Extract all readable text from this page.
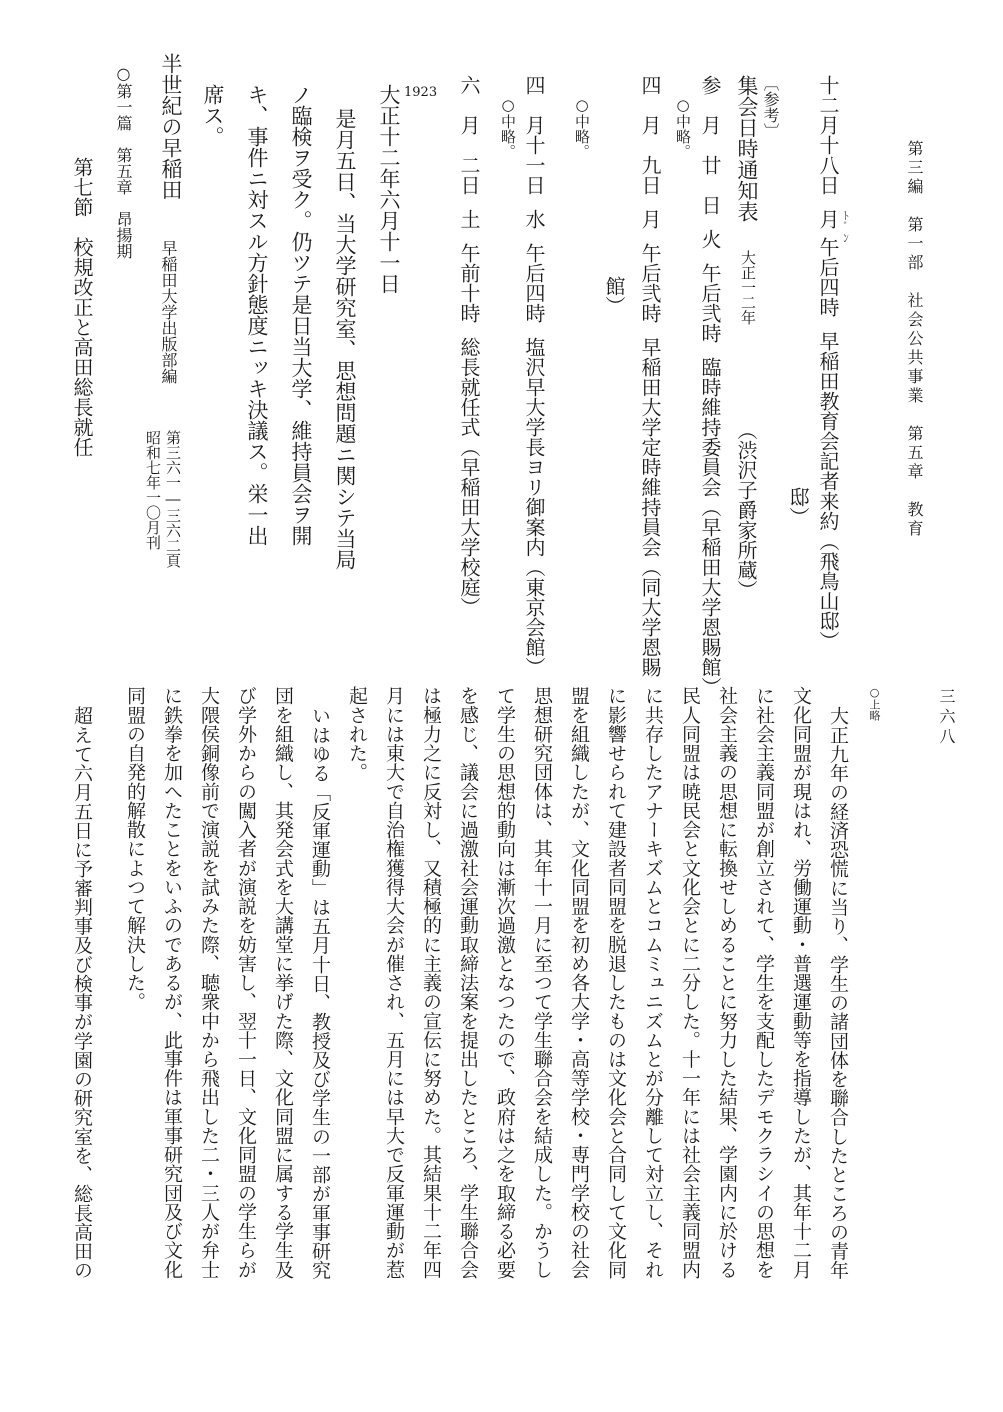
第三編　第一部　社会公共事業　第五章　教育
三六八
十二月十八日月午后四時早稲田教育会記者来約（飛鳥山邸）
ﾄﾞﾝ
邸）
〔参考〕
集会日時通知表
大正一二年
（渋沢子爵家所蔵）
参　月　廿　日火午后弐時臨時維持委員会（早稲田大学恩賜館）
○中略。
四　月　九日月午后弐時早稲田大学定時維持員会（同大学恩賜
館）
○中略。
四　月十一日水午后四時塩沢早大学長ヨリ御案内（東京会館）
○中略。
六　月　二日土午前十時総長就任式（早稲田大学校庭）
1923
大正十二年六月十一日
是月五日、当大学研究室、思想問題ニ関シテ当局
ノ臨検ヲ受ク。仍ツテ是日当大学、維持員会ヲ開
キ、事件ニ対スル方針態度ニッキ決議ス。栄一出
席ス。
半世紀の早稲田
早稲田大学出版部編
第三六一―三六二頁
昭和七年一〇月刊
○第一篇　第五章　昂揚期
第七節　校規改正と高田総長就任
○上略
大正九年の経済恐慌に当り、学生の諸団体を聯合したところの青年
文化同盟が現はれ、労働運動・普選運動等を指導したが、其年十二月
に社会主義同盟が創立されて、学生を支配したデモクラシイの思想を
社会主義の思想に転換せしめることに努力した結果、学園内に於ける
民人同盟は暁民会と文化会とに二分した。十一年には社会主義同盟内
に共存したアナーキズムとコムミュニズムとが分離して対立し、それ
に影響せられて建設者同盟を脱退したものは文化会と合同して文化同
盟を組織したが、文化同盟を初め各大学・高等学校・専門学校の社会
思想研究団体は、其年十一月に至つて学生聯合会を結成した。かうし
て学生の思想的動向は漸次過激となつたので、政府は之を取締る必要
を感じ、議会に過激社会運動取締法案を提出したところ、学生聯合会
は極力之に反対し、又積極的に主義の宣伝に努めた。其結果十二年四
月には東大で自治権獲得大会が催され、五月には早大で反軍運動が惹
起された。
いはゆる「反軍運動」は五月十日、教授及び学生の一部が軍事研究
団を組織し、其発会式を大講堂に挙げた際、文化同盟に属する学生及
び学外からの闖入者が演説を妨害し、翌十一日、文化同盟の学生らが
大隈侯銅像前で演説を試みた際、聴衆中から飛出した二・三人が弁士
に鉄拳を加へたことをいふのであるが、此事件は軍事研究団及び文化
同盟の自発的解散によつて解決した。
超えて六月五日に予審判事及び検事が学園の研究室を、総長高田の
